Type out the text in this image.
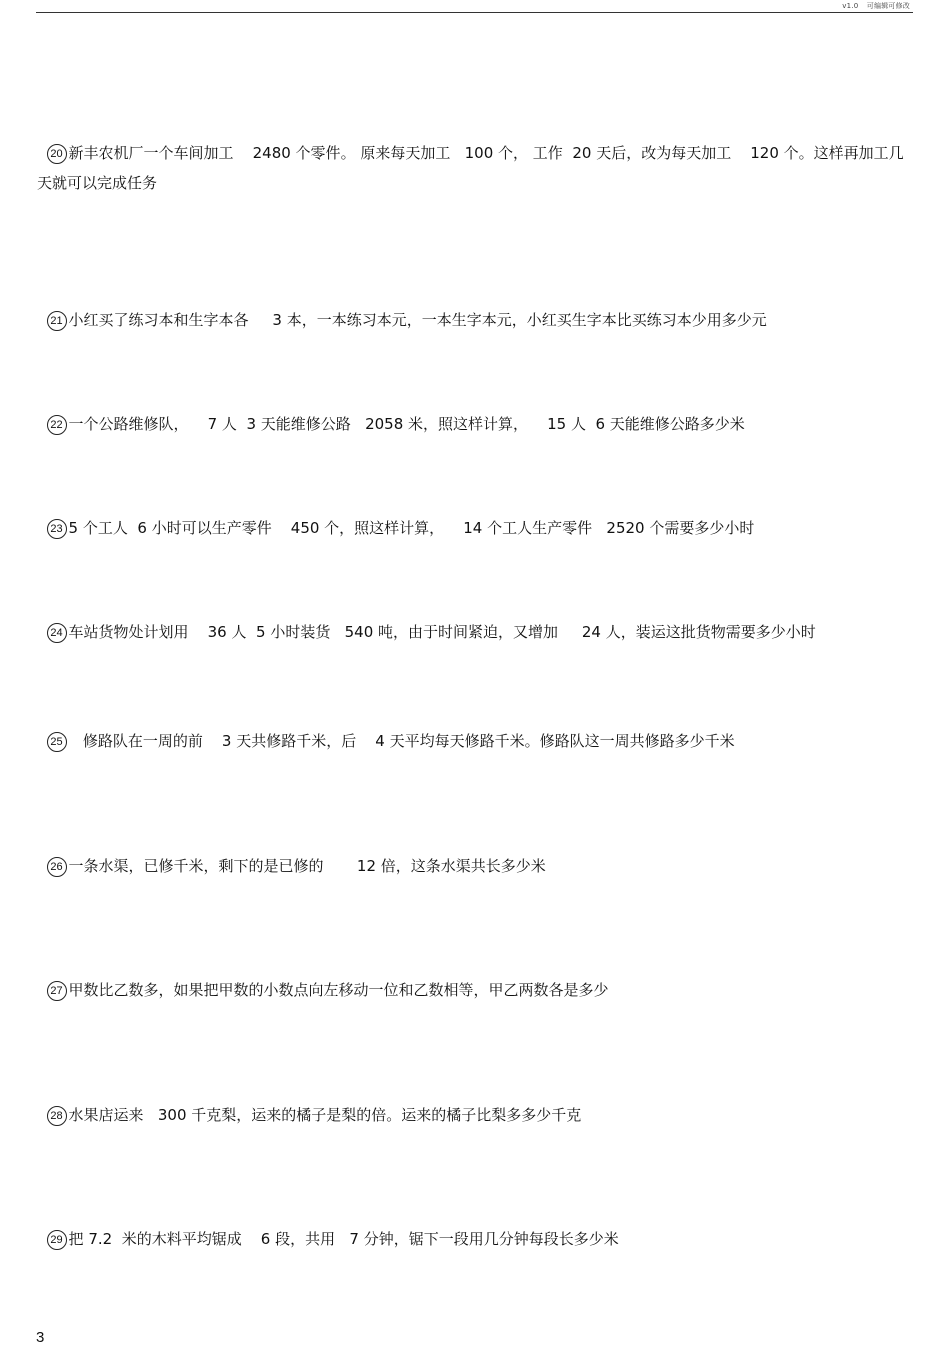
v1.0 可编辑可修改

20 新丰农机厂一个车间加工    2480 个零件。 原来每天加工   100 个， 工作  20 天后，改为每天加工    120 个。这样再加工几天就可以完成任务

21 小红买了练习本和生字本各     3 本，一本练习本元，一本生字本元，小红买生字本比买练习本少用多少元

22 一个公路维修队，    7 人  3 天能维修公路   2058 米，照这样计算，    15 人  6 天能维修公路多少米

23 5 个工人  6 小时可以生产零件    450 个，照这样计算，    14 个工人生产零件   2520 个需要多少小时

24 车站货物处计划用    36 人  5 小时装货   540 吨，由于时间紧迫，又增加     24 人，装运这批货物需要多少小时

25   修路队在一周的前    3 天共修路千米，后    4 天平均每天修路千米。修路队这一周共修路多少千米

26 一条水渠，已修千米，剩下的是已修的       12 倍，这条水渠共长多少米

27 甲数比乙数多，如果把甲数的小数点向左移动一位和乙数相等，甲乙两数各是多少

28 水果店运来   300 千克梨，运来的橘子是梨的倍。运来的橘子比梨多多少千克

29 把 7.2  米的木料平均锯成    6 段，共用   7 分钟，锯下一段用几分钟每段长多少米

3
